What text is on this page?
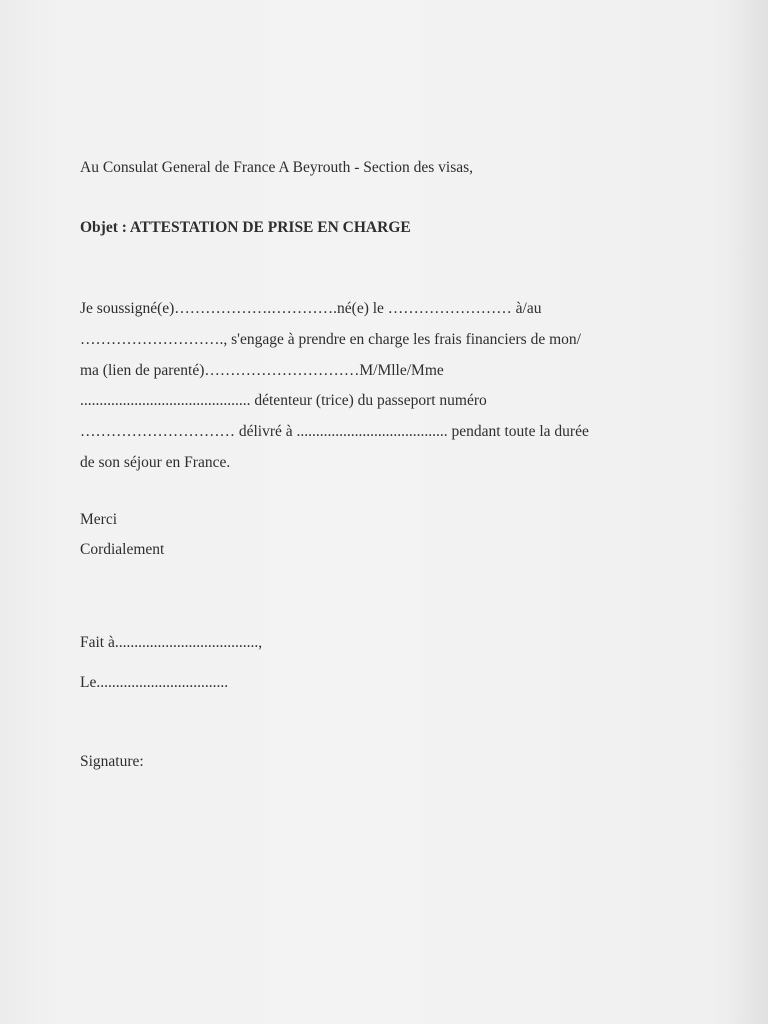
Au Consulat General de France A Beyrouth - Section des visas,
Objet : ATTESTATION DE PRISE EN CHARGE
Je soussigné(e)……………….………….né(e) le …………………… à/au
………………………., s'engage à prendre en charge les frais financiers de mon/
ma (lien de parenté)…………………………M/Mlle/Mme
............................................ détenteur (trice) du passeport numéro
………………………… délivré à ....................................... pendant toute la durée
de son séjour en France.
Merci
Cordialement
Fait à.....................................,
Le..................................
Signature:
